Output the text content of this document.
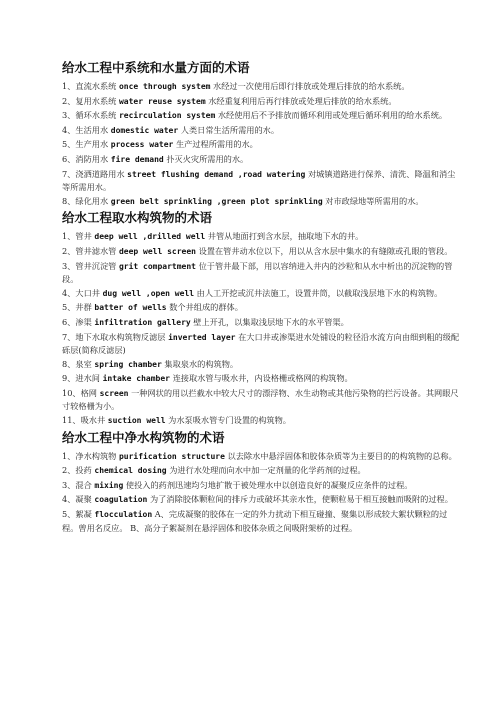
给水工程中系统和水量方面的术语

1、直流水系统 once through system 水经过一次使用后即行排放或处理后排放的给水系统。

2、复用水系统 water reuse system 水经重复利用后再行排放或处理后排放的给水系统。

3、循环水系统 recirculation system 水经使用后不予排放而循环利用或处理后循环利用的给水系统。

4、生活用水 domestic water 人类日常生活所需用的水。

5、生产用水 process water 生产过程所需用的水。

6、消防用水 fire demand 扑灭火灾所需用的水。

7、浇洒道路用水 street flushing demand ,road watering 对城镇道路进行保养、清洗、降温和消尘等所需用水。

8、绿化用水 green belt sprinkling ,green plot sprinkling 对市政绿地等所需用的水。

给水工程取水构筑物的术语

1、管井 deep well ,drilled well 井管从地面打到含水层，抽取地下水的井。

2、管井滤水管 deep well screen 设置在管井动水位以下，用以从含水层中集水的有缝隙或孔眼的管段。

3、管井沉淀管 grit compartment 位于管井最下部，用以容纳进入井内的沙粒和从水中析出的沉淀物的管段。

4、大口井 dug well ,open well 由人工开挖或沉井法施工，设置井筒，以截取浅层地下水的构筑物。

5、井群 batter of wells 数个井组成的群体。

6、渗渠 infiltration gallery 壁上开孔，以集取浅层地下水的水平管渠。

7、地下水取水构筑物反滤层 inverted layer 在大口井或渗渠进水处铺设的粒径沿水流方向由细到粗的级配砾层(简称反滤层)

8、泉室 spring chamber 集取泉水的构筑物。

9、进水间 intake chamber 连接取水管与吸水井，内设格栅或格网的构筑物。

10、格网 screen 一种网状的用以拦截水中较大尺寸的漂浮物、水生动物或其他污染物的拦污设备。其网眼尺寸较格栅为小。

11、吸水井 suction well 为水泵吸水管专门设置的构筑物。

给水工程中净水构筑物的术语

1、净水构筑物 purification structure 以去除水中悬浮固体和胶体杂质等为主要目的的构筑物的总称。

2、投药 chemical dosing 为进行水处理而向水中加一定剂量的化学药剂的过程。

3、混合 mixing 使投入的药剂迅速均匀地扩散于被处理水中以创造良好的凝聚反应条件的过程。

4、凝聚 coagulation 为了消除胶体颗粒间的排斥力或破坏其亲水性，使颗粒易于相互接触而吸附的过程。

5、絮凝 flocculation A、完成凝聚的胶体在一定的外力扰动下相互碰撞、聚集以形成较大絮状颗粒的过程。曾用名反应。 B、高分子絮凝剂在悬浮固体和胶体杂质之间吸附架桥的过程。
